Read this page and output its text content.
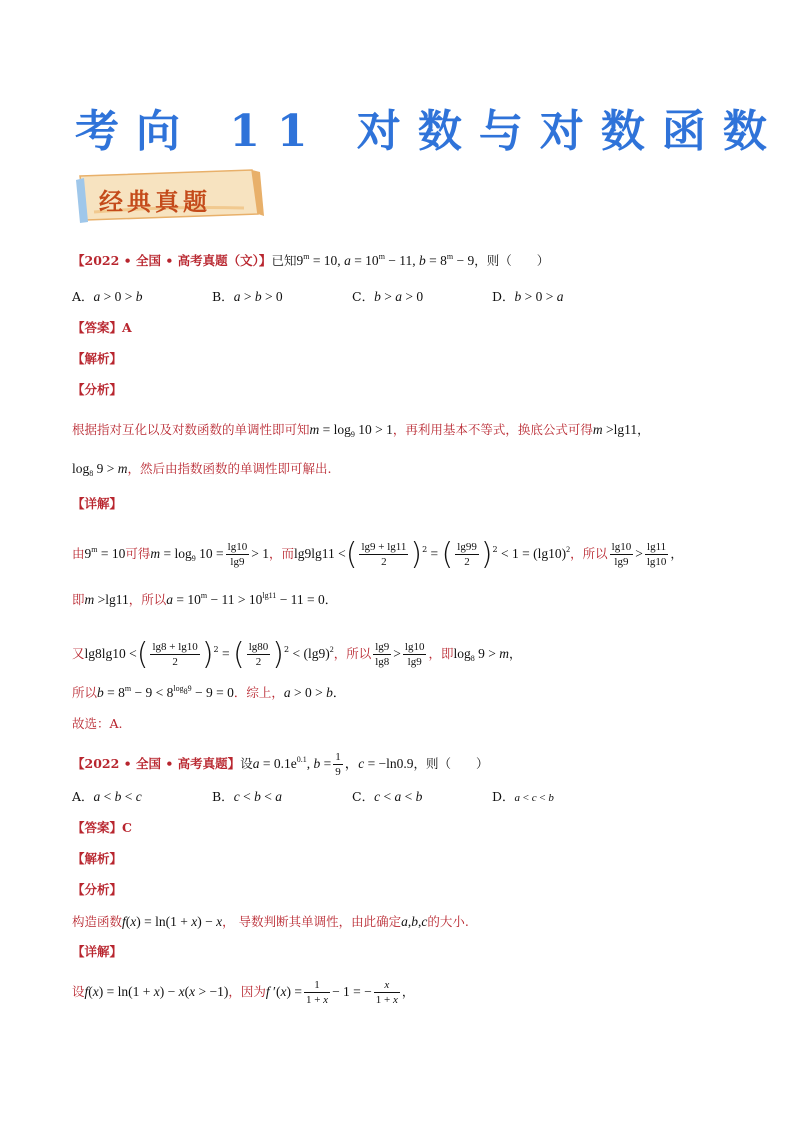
考向 11 对数与对数函数
经典真题
【2022 • 全国 • 高考真题（文）】已知$9^m = 10$, $a = 10^m - 11$, $b = 8^m - 9$，则（　　）
A．a > 0 > b	B．a > b > 0	C．b > a > 0	D．b > 0 > a
【答案】A
【解析】
【分析】
根据指对互化以及对数函数的单调性即可知$m = \log_9 10 > 1$，再利用基本不等式，换底公式可得m >lg11，
$\log_8 9 > m$，然后由指数函数的单调性即可解出.
【详解】
由$9^m = 10$可得$m = \log_9 10 = \frac{\lg 10}{\lg 9} > 1$，而lg9lg11 <( $\frac{\lg 9 + \lg 11}{2} )^2$ = ( $\frac{\lg 99}{2} )^2 < 1 = (\lg 10)^2$，所以 $\frac{\lg 10}{\lg 9} > \frac{\lg 11}{\lg 10}$ ，
即m >lg11，所以$a = 10^m - 11 > 10^{lg11} - 11 = 0$．
又lg8lg10 <( $\frac{\lg 8 + \lg 10}{2} )^2$ = ( $\frac{\lg 80}{2} )^2 < (\lg 9)^2$，所以 $\frac{\lg 9}{\lg 8} > \frac{\lg 10}{\lg 9}$ ，即$\log_8 9 > m$，
所以$b = 8^m - 9 < 8^{log_89} - 9 = 0$．综上，a > 0 > b．
故选：A.
【2022 • 全国 • 高考真题】设$a = 0.1e^{0.1}$, $b = \frac{1}{9}$ ，c = −ln0.9，则（　　）
A．a < b < c	B．c < b < a	C．c < a < b	D．a < c < b
【答案】C
【解析】
【分析】
构造函数f(x) = ln(1 + x) − x， 导数判断其单调性，由此确定a,b,c的大小.
【详解】
设f(x) = ln(1 + x) − x(x > −1)，因为f $'(x) = \frac{1}{1 + x} - 1$ = − $\frac{x}{1 + x}$ ，
